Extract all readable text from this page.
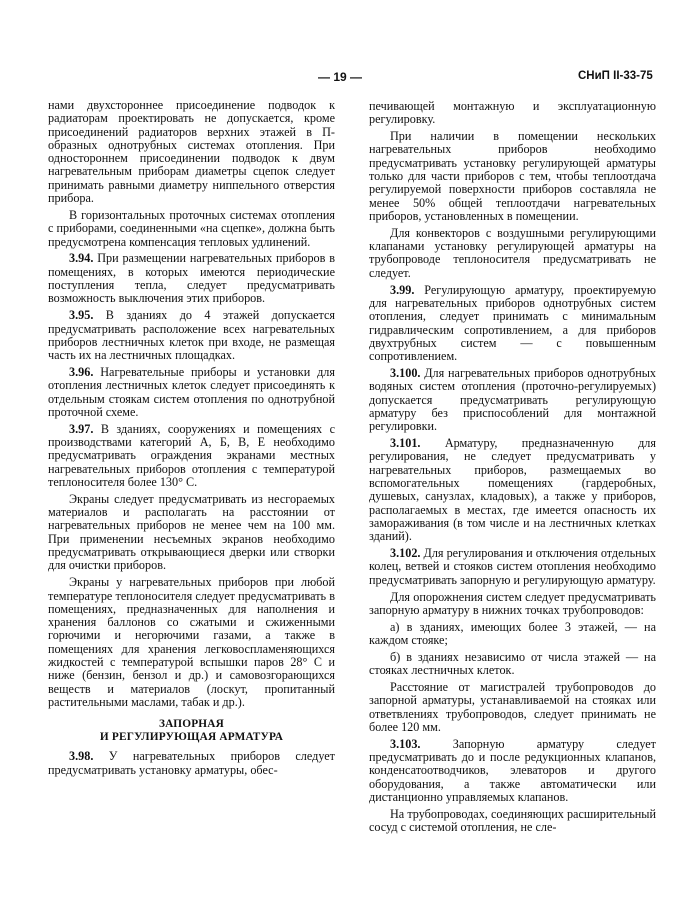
— 19 —	СНиП II-33-75

нами двухстороннее присоединение подводок к радиаторам проектировать не допускается, кроме присоединений радиаторов верхних этажей в П-образных однотрубных системах отопления. При одностороннем присоединении подводок к двум нагревательным приборам диаметры сцепок следует принимать равными диаметру ниппельного отверстия прибора.

В горизонтальных проточных системах отопления с приборами, соединенными «на сцепке», должна быть предусмотрена компенсация тепловых удлинений.

3.94. При размещении нагревательных приборов в помещениях, в которых имеются периодические поступления тепла, следует предусматривать возможность выключения этих приборов.

3.95. В зданиях до 4 этажей допускается предусматривать расположение всех нагревательных приборов лестничных клеток при входе, не размещая часть их на лестничных площадках.

3.96. Нагревательные приборы и установки для отопления лестничных клеток следует присоединять к отдельным стоякам систем отопления по однотрубной проточной схеме.

3.97. В зданиях, сооружениях и помещениях с производствами категорий А, Б, В, Е необходимо предусматривать ограждения экранами местных нагревательных приборов отопления с температурой теплоносителя более 130° С.

Экраны следует предусматривать из несгораемых материалов и располагать на расстоянии от нагревательных приборов не менее чем на 100 мм. При применении несъемных экранов необходимо предусматривать открывающиеся дверки или створки для очистки приборов.

Экраны у нагревательных приборов при любой температуре теплоносителя следует предусматривать в помещениях, предназначенных для наполнения и хранения баллонов со сжатыми и сжиженными горючими и негорючими газами, а также в помещениях для хранения легковоспламеняющихся жидкостей с температурой вспышки паров 28° С и ниже (бензин, бензол и др.) и самовозгорающихся веществ и материалов (лоскут, пропитанный растительными маслами, табак и др.).

ЗАПОРНАЯ
И РЕГУЛИРУЮЩАЯ АРМАТУРА

3.98. У нагревательных приборов следует предусматривать установку арматуры, обес-

печивающей монтажную и эксплуатационную регулировку.

При наличии в помещении нескольких нагревательных приборов необходимо предусматривать установку регулирующей арматуры только для части приборов с тем, чтобы теплоотдача регулируемой поверхности приборов составляла не менее 50% общей теплоотдачи нагревательных приборов, установленных в помещении.

Для конвекторов с воздушными регулирующими клапанами установку регулирующей арматуры на трубопроводе теплоносителя предусматривать не следует.

3.99. Регулирующую арматуру, проектируемую для нагревательных приборов однотрубных систем отопления, следует принимать с минимальным гидравлическим сопротивлением, а для приборов двухтрубных систем — с повышенным сопротивлением.

3.100. Для нагревательных приборов однотрубных водяных систем отопления (проточно-регулируемых) допускается предусматривать регулирующую арматуру без приспособлений для монтажной регулировки.

3.101. Арматуру, предназначенную для регулирования, не следует предусматривать у нагревательных приборов, размещаемых во вспомогательных помещениях (гардеробных, душевых, санузлах, кладовых), а также у приборов, располагаемых в местах, где имеется опасность их замораживания (в том числе и на лестничных клетках зданий).

3.102. Для регулирования и отключения отдельных колец, ветвей и стояков систем отопления необходимо предусматривать запорную и регулирующую арматуру.

Для опорожнения систем следует предусматривать запорную арматуру в нижних точках трубопроводов:

а) в зданиях, имеющих более 3 этажей, — на каждом стояке;

б) в зданиях независимо от числа этажей — на стояках лестничных клеток.

Расстояние от магистралей трубопроводов до запорной арматуры, устанавливаемой на стояках или ответвлениях трубопроводов, следует принимать не более 120 мм.

3.103. Запорную арматуру следует предусматривать до и после редукционных клапанов, конденсатоотводчиков, элеваторов и другого оборудования, а также автоматически или дистанционно управляемых клапанов.

На трубопроводах, соединяющих расширительный сосуд с системой отопления, не сле-
